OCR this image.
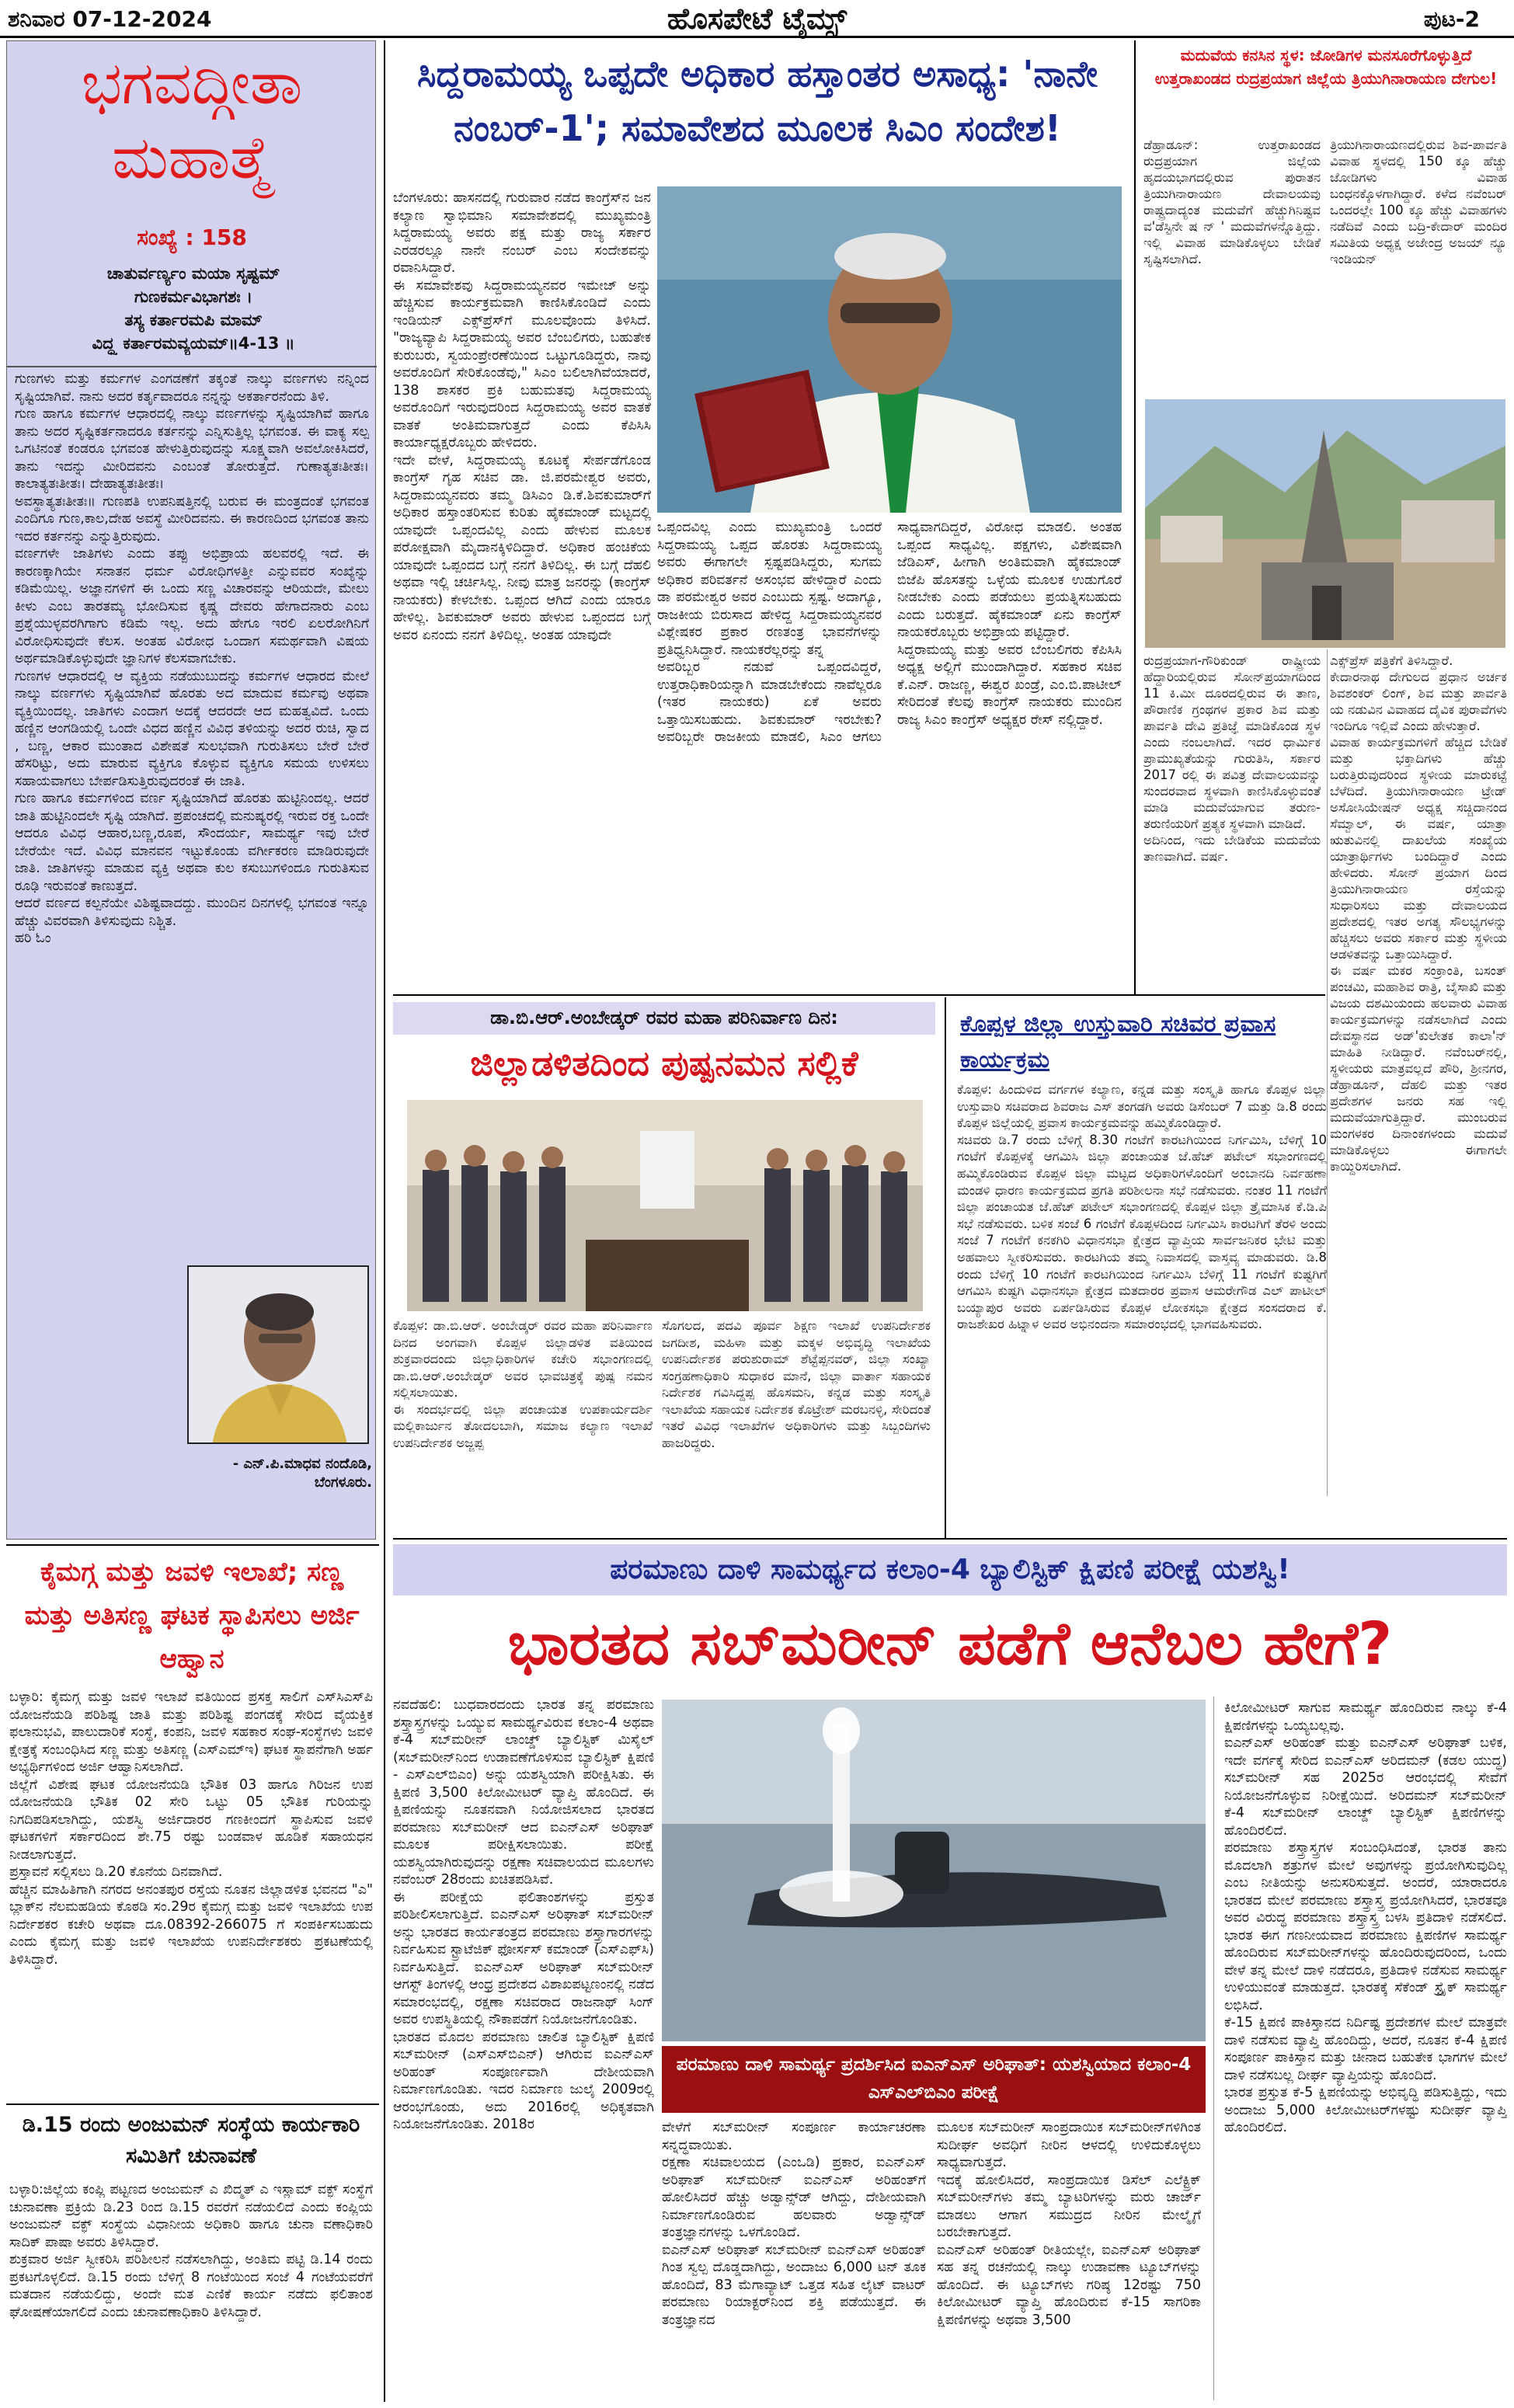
ಹೊಸಪೇಟೆ ಟೈಮ್ಸ್
ಶನಿವಾರ 07-12-2024	ಪುಟ-2
ಭಗವದ್ಗೀತಾ ಮಹಾತ್ಮೆ
ಸಂಖ್ಯೆ : 158
ಚಾತುರ್ವರ್ಣ್ಯಂ ಮಯಾ ಸೃಷ್ಟಮ್
ಗುಣಕರ್ಮವಿಭಾಗಶಃ ।
ತಸ್ಯ ಕರ್ತಾರಮಪಿ ಮಾಮ್
ವಿದ್ಧ್ಯ ಕರ್ತಾರಮವ್ಯಯಮ್॥4-13 ॥
ಗುಣಗಳು ಮತ್ತು ಕರ್ಮಗಳ ಎಂಗಡಣೆಗೆ ತಕ್ಕಂತೆ ನಾಲ್ಕು ವರ್ಣಗಳು ನನ್ನಿಂದ ಸೃಷ್ಟಿಯಾಗಿವೆ. ನಾನು ಅದರ ಕರ್ತೃವಾದರೂ ನನ್ನನ್ನು ಅಕರ್ತಾರನೆಂದು ತಿಳಿ.
ಗುಣ ಹಾಗೂ ಕರ್ಮಗಳ ಆಧಾರದಲ್ಲಿ ನಾಲ್ಕು ವರ್ಣಗಳನ್ನು ಸೃಷ್ಟಿಯಾಗಿವೆ ಹಾಗೂ ತಾನು ಅದರ ಸೃಷ್ಟಿಕರ್ತನಾದರೂ ಕರ್ತನನ್ನು ಎನ್ನಿಸುತ್ತಿಲ್ಲ ಭಗವಂತ. ಈ ವಾಕ್ಯ ಸಲ್ಪ ಒಗಟಿನಂತೆ ಕಂಡರೂ ಭಗವಂತ ಹೇಳುತ್ತಿರುವುದನ್ನು ಸೂಕ್ಷ್ಮವಾಗಿ ಅವಲೋಕಿಸಿದರೆ, ತಾನು ಇದನ್ನು ಮೀರಿದವನು ಎಂಬಂತೆ ತೋರುತ್ತದೆ. ಗುಣಾತ್ಯತಃತೀತಃ। ಕಾಲಾತ್ಯತಃತೀತಃ। ದೇಹಾತ್ಯತಃತೀತಃ।
ಅವಸ್ಥಾತ್ಯತಃತೀತಃ॥ ಗುಣಪತಿ ಉಪನಿಷತ್ತಿನಲ್ಲಿ ಬರುವ ಈ ಮಂತ್ರದಂತೆ ಭಗವಂತ ಎಂದಿಗೂ ಗುಣ,ಕಾಲ,ದೇಹ ಅವಸ್ಥೆ ಮೀರಿದವನು. ಈ ಕಾರಣದಿಂದ ಭಗವಂತ ತಾನು ಇದರ ಕರ್ತನನ್ನು ಎನ್ನುತ್ತಿರುವುದು.
ವರ್ಣಗಳೇ ಜಾತಿಗಳು ಎಂದು ತಪ್ಪು ಅಭಿಪ್ರಾಯ ಹಲವರಲ್ಲಿ ಇದೆ. ಈ ಕಾರಣಕ್ಕಾಗಿಯೇ ಸನಾತನ ಧರ್ಮ ವಿರೋಧಿಗಳತ್ತೀ ಎನ್ನುವವರ ಸಂಖ್ಯೆನ್ನು ಕಡಿಮೆಯಿಲ್ಲ. ಅಜ್ಞಾನಗಳಿಗೆ ಈ ಒಂದು ಸಣ್ಣ ವಿಚಾರವನ್ನು ಆರಿಯದೇ, ಮೇಲು ಕೀಳು ಎಂಬ ತಾರತಮ್ಯ ಭೋದಿಸುವ ಕೃಷ್ಣ ದೇವರು ಹೇಗಾದನಾರು ಎಂಬ ಪ್ರಶ್ನೆಯುಳ್ಳವರಗಿಗಾಗು ಕಡಿಮೆ ಇಲ್ಲ. ಅದು ಹೇಗೂ ಇರಲಿ ಏಲರೋಗಿನಿಗೆ ವಿರೋಧಿಸುವುದೇ ಕೆಲಸ. ಅಂತಹ ವಿರೋಧ ಒಂದಾಗ ಸಮರ್ಥವಾಗಿ ವಿಷಯ ಅರ್ಥಮಾಡಿಕೊಳ್ಳುವುದೇ ಜ್ಞಾನಿಗಳ ಕೆಲಸವಾಗಬೇಕು.
ಗುಣಗಳ ಆಧಾರದಲ್ಲಿ ಆ ವ್ಯಕ್ತಿಯ ನಡೆಯುಬುದನ್ನು ಕರ್ಮಗಳ ಆಧಾರದ ಮೇಲೆ ನಾಲ್ಕು ವರ್ಣಗಳು ಸೃಷ್ಟಿಯಾಗಿವೆ ಹೊರತು ಅದ ಮಾದುವ ಕರ್ಮವು ಅಥವಾ ವ್ಯಕ್ತಿಯಿಂದಲ್ಲ. ಜಾತಿಗಳು ಎಂದಾಗ ಅದಕ್ಕೆ ಆದರದೇ ಆದ ಮಹತ್ವವಿದೆ. ಒಂದು ಹಣ್ಣಿನ ಆಂಗಡಿಯಲ್ಲಿ ಒಂದೇ ವಿಧದ ಹಣ್ಣಿನ ವಿವಿಧ ತಳಿಯನ್ನು ಅದರ ರುಚಿ, ಸ್ವಾದ , ಬಣ್ಣ, ಆಕಾರ ಮುಂತಾದ ವಿಶೇಷತೆ ಸುಲಭವಾಗಿ ಗುರುತಿಸಲು ಬೇರೆ ಬೇರೆ ಹೆಸರಿಟ್ಟು, ಅದು ಮಾರುವ ವ್ಯಕ್ತಿಗೂ ಕೊಳ್ಳುವ ವ್ಯಕ್ತಿಗೂ ಸಮಯ ಉಳಿಸಲು ಸಹಾಯವಾಗಲು ಬೇರ್ಪಡಿಸುತ್ತಿರುವುದರಂತೆ ಈ ಜಾತಿ.
ಗುಣ ಹಾಗೂ ಕರ್ಮಗಳಿಂದ ವರ್ಣ ಸೃಷ್ಟಿಯಾಗಿದೆ ಹೊರತು ಹುಟ್ಟಿನಿಂದಲ್ಲ. ಆದರೆ ಜಾತಿ ಹುಟ್ಟಿನಿಂದಲೇ ಸೃಷ್ಟಿ ಯಾಗಿದೆ. ಪ್ರಪಂಚದಲ್ಲಿ ಮನುಷ್ಯರಲ್ಲಿ ಇರುವ ರಕ್ತ ಒಂದೇ ಆದರೂ ವಿವಿಧ ಆಹಾರ,ಬಣ್ಣ,ರೂಪ, ಸೌಂದರ್ಯ, ಸಾಮರ್ಥ್ಯ ಇವು ಬೇರೆ ಬೇರೆಯೇ ಇದೆ. ವಿವಿಧ ಮಾನವನ ಇಟ್ಟುಕೊಂಡು ವರ್ಗೀಕರಣ ಮಾಡಿರುವುದೇ ಜಾತಿ. ಜಾತಿಗಳನ್ನು ಮಾಡುವ ವ್ಯಕ್ತಿ ಅಥವಾ ಕುಲ ಕಸುಬುಗಳಿಂದೂ ಗುರುತಿಸುವ ರೂಢಿ ಇರುವಂತೆ ಕಾಣುತ್ತದೆ.
ಆದರೆ ವರ್ಣದ ಕಲ್ಪನೆಯೇ ವಿಶಿಷ್ಟವಾದದ್ದು. ಮುಂದಿನ ದಿನಗಳಲ್ಲಿ ಭಗವಂತ ಇನ್ನೂ ಹೆಚ್ಚು ವಿವರವಾಗಿ ತಿಳಿಸುವುದು ನಿಶ್ಚಿತ.
ಹರಿ ಓಂ
- ಎನ್.ಪಿ.ಮಾಧವ ನಂದೊಡಿ, ಬೆಂಗಳೂರು.
ಸಿದ್ದರಾಮಯ್ಯ ಒಪ್ಪದೇ ಅಧಿಕಾರ ಹಸ್ತಾಂತರ ಅಸಾಧ್ಯ: 'ನಾನೇ ನಂಬರ್-1'; ಸಮಾವೇಶದ ಮೂಲಕ ಸಿಎಂ ಸಂದೇಶ!
ಬೆಂಗಳೂರು: ಹಾಸನದಲ್ಲಿ ಗುರುವಾರ ನಡೆದ ಕಾಂಗ್ರೆಸ್‌ನ ಜನ ಕಲ್ಯಾಣ ಸ್ವಾಭಿಮಾನಿ ಸಮಾವೇಶದಲ್ಲಿ ಮುಖ್ಯಮಂತ್ರಿ ಸಿದ್ದರಾಮಯ್ಯ ಅವರು ಪಕ್ಷ ಮತ್ತು ರಾಜ್ಯ ಸರ್ಕಾರ ಎರಡರಲ್ಲೂ ನಾನೇ ನಂಬರ್ ಎಂಬ ಸಂದೇಶವನ್ನು ರವಾನಿಸಿದ್ದಾರೆ.
ಈ ಸಮಾವೇಶವು ಸಿದ್ದರಾಮಯ್ಯನವರ ಇಮೇಜ್ ಅನ್ನು ಹೆಚ್ಚಿಸುವ ಕಾರ್ಯಕ್ರಮವಾಗಿ ಕಾಣಿಸಿಕೊಂಡಿದೆ ಎಂದು ಇಂಡಿಯನ್ ಎಕ್ಸ್‌ಪ್ರೆಸ್‌ಗೆ ಮೂಲವೊಂದು ತಿಳಿಸಿದೆ. "ರಾಜ್ಯವ್ಯಾಪಿ ಸಿದ್ದರಾಮಯ್ಯ ಅವರ ಬೆಂಬಲಿಗರು, ಬಹುತೇಕ ಕುರುಬರು, ಸ್ವಯಂಪ್ರೇರಣೆಯಿಂದ ಒಟ್ಟುಗೂಡಿದ್ದರು, ನಾವು ಅವರೊಂದಿಗೆ ಸೇರಿಕೊಂಡೆವು," ಸಿಎಂ ಬಲಿಲಾಗಿವೆಯಾದರೆ, 138 ಶಾಸಕರ ಪ್ರಕಿ ಬಹುಮತವು ಸಿದ್ದರಾಮಯ್ಯ ಅವರೊಂದಿಗೆ ಇರುವುದರಿಂದ ಸಿದ್ದರಾಮಯ್ಯ ಅವರ ವಾತಕೆ ವಾತಕೆ ಅಂತಿಮವಾಗುತ್ತದೆ ಎಂದು ಕೆಪಿಸಿಸಿ ಕಾರ್ಯಾಧ್ಯಕ್ಷರೊಬ್ಬರು ಹೇಳಿದರು.
ಇದೇ ವೇಳೆ, ಸಿದ್ದರಾಮಯ್ಯ ಕೂಟಕ್ಕೆ ಸೇರ್ಪಡೆಗೊಂಡ ಕಾಂಗ್ರೆಸ್ ಗೃಹ ಸಚಿವ ಡಾ. ಜಿ.ಪರಮೇಶ್ವರ ಅವರು, ಸಿದ್ದರಾಮಯ್ಯನವರು ತಮ್ಮ ಡಿಸಿಎಂ ಡಿ.ಕೆ.ಶಿವಕುಮಾರ್‌ಗೆ ಅಧಿಕಾರ ಹಸ್ತಾಂತರಿಸುವ ಕುರಿತು ಹೈಕಮಾಂಡ್ ಮಟ್ಟದಲ್ಲಿ ಯಾವುದೇ ಒಪ್ಪಂದವಿಲ್ಲ ಎಂದು ಹೇಳುವ ಮೂಲಕ ಪರೋಕ್ಷವಾಗಿ ಮೈದಾನಕ್ಕಿಳಿದಿದ್ದಾರೆ. ಅಧಿಕಾರ ಹಂಚಿಕೆಯ ಯಾವುದೇ ಒಪ್ಪಂದದ ಬಗ್ಗೆ ನನಗೆ ತಿಳಿದಿಲ್ಲ. ಈ ಬಗ್ಗೆ ದೆಹಲಿ ಅಥವಾ ಇಲ್ಲಿ ಚರ್ಚಿಸಿಲ್ಲ. ನೀವು ಮಾತ್ರ ಜನರನ್ನು (ಕಾಂಗ್ರೆಸ್ ನಾಯಕರು) ಕೇಳಬೇಕು. ಒಪ್ಪಂದ ಆಗಿದೆ ಎಂದು ಯಾರೂ ಹೇಳಿಲ್ಲ. ಶಿವಕುಮಾರ್ ಅವರು ಹೇಳುವ ಒಪ್ಪಂದದ ಬಗ್ಗೆ ಅವರ ಏನಂದು ನನಗೆ ತಿಳಿದಿಲ್ಲ. ಅಂತಹ ಯಾವುದೇ
ಒಪ್ಪಂದವಿಲ್ಲ ಎಂದು ಮುಖ್ಯಮಂತ್ರಿ ಒಂದರೆ ಸಿದ್ದರಾಮಯ್ಯ ಒಪ್ಪದ ಹೊರತು ಸಿದ್ದರಾಮಯ್ಯ ಅವರು ಈಗಾಗಲೇ ಸ್ಪಷ್ಟಪಡಿಸಿದ್ದರು, ಸುಗಮ ಅಧಿಕಾರ ಪರಿವರ್ತನೆ ಅಸಂಭವ ಹೇಳಿದ್ದಾರೆ ಎಂದು ಡಾ ಪರಮೇಶ್ವರ ಅವರ ಎಂಬುದು ಸ್ಪಷ್ಟ. ಅದಾಗ್ಯೂ, ರಾಜಕೀಯ ಬಿರುಸಾದ ಹೇಳಿದ್ದ ಸಿದ್ದರಾಮಯ್ಯನವರ ವಿಶ್ಲೇಷಕರ ಪ್ರಕಾರ ರಣತಂತ್ರ ಭಾವನೆಗಳನ್ನು ಪ್ರತಿಧ್ವನಿಸಿದ್ದಾರೆ. ನಾಯಕರೆಲ್ಲರನ್ನು ತನ್ನ
ಅವರಿಬ್ಬರ ನಡುವೆ ಒಪ್ಪಂದವಿದ್ದರೆ, ಉತ್ತರಾಧಿಕಾರಿಯನ್ನಾಗಿ ಮಾಡಬೇಕೆಂದು ನಾವೆಲ್ಲರೂ (ಇತರ ನಾಯಕರು) ಏಕೆ ಅವರು ಒತ್ತಾಯಿಸಬಹುದು. ಶಿವಕುಮಾರ್ ಇರಬೇಕು? ಅವರಿಬ್ಬರೇ ರಾಜಕೀಯ ಮಾಡಲಿ, ಸಿಎಂ ಆಗಲು ಸಾಧ್ಯವಾಗದಿದ್ದರೆ, ವಿರೋಧ ಮಾಡಲಿ. ಅಂತಹ ಒಪ್ಪಂದ ಸಾಧ್ಯವಿಲ್ಲ. ಪಕ್ಷಗಳು, ವಿಶೇಷವಾಗಿ ಜೆಡಿಎಸ್, ಹೀಗಾಗಿ ಅಂತಿಮವಾಗಿ ಹೈಕಮಾಂಡ್ ಬಿಜೆಪಿ ಹೊಸತನ್ನು ಒಳ್ಳೆಯ ಮೂಲಕ ಉಡುಗೊರೆ ನೀಡಬೇಕು ಎಂದು ಪಡೆಯಲು ಪ್ರಯತ್ನಿಸಬಹುದು ಎಂದು ಬರುತ್ತದೆ. ಹೈಕಮಾಂಡ್ ಏನು ಕಾಂಗ್ರೆಸ್ ನಾಯಕರೊಬ್ಬರು ಅಭಿಪ್ರಾಯ ಪಟ್ಟಿದ್ದಾರೆ.
ಸಿದ್ದರಾಮಯ್ಯ ಮತ್ತು ಅವರ ಬೆಂಬಲಿಗರು ಕೆಪಿಸಿಸಿ ಅಧ್ಯಕ್ಷ ಅಲ್ಲಿಗೆ ಮುಂದಾಗಿದ್ದಾರೆ. ಸಹಕಾರ ಸಚಿವ ಕೆ.ಎನ್. ರಾಜಣ್ಣ, ಈಶ್ವರ ಖಂಡ್ರೆ, ಎಂ.ಬಿ.ಪಾಟೀಲ್ ಸೇರಿದಂತೆ ಕೆಲವು ಕಾಂಗ್ರೆಸ್ ನಾಯಕರು ಮುಂದಿನ ರಾಜ್ಯ ಸಿಎಂ ಕಾಂಗ್ರೆಸ್ ಅಧ್ಯಕ್ಷರ ರೇಸ್ ನಲ್ಲಿದ್ದಾರೆ.
ಮದುವೆಯ ಕನಸಿನ ಸ್ಥಳ: ಜೋಡಿಗಳ ಮನಸೂರೆಗೊಳ್ಳುತ್ತಿದೆ ಉತ್ತರಾಖಂಡದ ರುದ್ರಪ್ರಯಾಗ ಜಿಲ್ಲೆಯ ತ್ರಿಯುಗಿನಾರಾಯಣ ದೇಗುಲ!
ಡೆಹ್ರಾಡೂನ್: ಉತ್ತರಾಖಂಡದ ರುದ್ರಪ್ರಯಾಗ ಜಿಲ್ಲೆಯ ಹೃದಯಭಾಗದಲ್ಲಿರುವ ಪುರಾತನ ತ್ರಿಯುಗಿನಾರಾಯಣ ದೇವಾಲಯವು ರಾಷ್ಟ್ರದಾದ್ಯಂತ ಮದುವೆಗೆ ಹೆಚ್ಚುಗಿನಿಷ್ಟವ ವ'ಡೆಸ್ಟಿನೇ ಷ ನ್ ' ಮದುವೆಗಳನ್ನೊತ್ತಿದ್ದು. ಇಲ್ಲಿ ವಿವಾಹ ಮಾಡಿಕೊಳ್ಳಲು ಬೇಡಿಕೆ ಸೃಷ್ಟಿಸಲಾಗಿದೆ.
ತ್ರಿಯುಗಿನಾರಾಯಣದಲ್ಲಿರುವ ಶಿವ-ಪಾರ್ವತಿ ವಿವಾಹ ಸ್ಥಳದಲ್ಲಿ 150 ಕ್ಕೂ ಹೆಚ್ಚು ಜೋಡಿಗಳು ವಿವಾಹ ಬಂಧನಕ್ಕೊಳಗಾಗಿದ್ದಾರೆ. ಕಳೆದ ನವೆಂಬರ್ ಒಂದರಲ್ಲೇ 100 ಕ್ಕೂ ಹೆಚ್ಚು ವಿವಾಹಗಳು ನಡೆದಿವೆ ಎಂದು ಬದ್ರಿ-ಕೇದಾರ್ ಮಂದಿರ ಸಮಿತಿಯ ಅಧ್ಯಕ್ಷ ಅಜೇಂದ್ರ ಅಜಯ್ ನ್ಯೂ ಇಂಡಿಯನ್
ರುದ್ರಪ್ರಯಾಗ-ಗೌರಿಕುಂಡ್ ರಾಷ್ಟ್ರೀಯ ಹೆದ್ದಾರಿಯಲ್ಲಿರುವ ಸೋನ್‌ಪ್ರಯಾಗದಿಂದ 11 ಕಿ.ಮೀ ದೂರದಲ್ಲಿರುವ ಈ ತಾಣ, ಪೌರಾಣಿಕ ಗ್ರಂಥಗಳ ಪ್ರಕಾರ ಶಿವ ಮತ್ತು ಪಾರ್ವತಿ ದೇವಿ ಪ್ರತಿಜ್ಞೆ ಮಾಡಿಕೊಂಡ ಸ್ಥಳ ಎಂದು ನಂಬಲಾಗಿದೆ. ಇದರ ಧಾರ್ಮಿಕ ಪ್ರಾಮುಖ್ಯತೆಯನ್ನು ಗುರುತಿಸಿ, ಸರ್ಕಾರ 2017 ರಲ್ಲಿ ಈ ಪವಿತ್ರ ದೇವಾಲಯವನ್ನು ಸುಂದರವಾದ ಸ್ಥಳವಾಗಿ ಕಾಣಿಸಿಕೊಳ್ಳುವಂತೆ ಮಾಡಿ ಮದುವೆಯಾಗುವ ತರುಣ-ತರುಣಿಯರಿಗೆ ಪ್ರತ್ಯಕ ಸ್ಥಳವಾಗಿ ಮಾಡಿದೆ.
ಅದಿನಿಂದ, ಇದು ಬೇಡಿಕೆಯ ಮದುವೆಯ ತಾಣವಾಗಿದೆ. ವರ್ಷ.
ಎಕ್ಸ್‌ಪ್ರೆಸ್ ಪತ್ರಿಕೆಗೆ ತಿಳಿಸಿದ್ದಾರೆ.
ಕೇದಾರನಾಥ ದೇಗುಲದ ಪ್ರಧಾನ ಅರ್ಚಕ ಶಿವಶಂಕರ್ ಲಿಂಗ್, ಶಿವ ಮತ್ತು ಪಾರ್ವತಿ ಯ ನಡುವಿನ ವಿವಾಹದ ದೈವಿಕ ಪುರಾವೆಗಳು ಇಂದಿಗೂ ಇಲ್ಲಿವೆ ಎಂದು ಹೇಳುತ್ತಾರೆ.
ವಿವಾಹ ಕಾರ್ಯಕ್ರಮಗಳಿಗೆ ಹೆಚ್ಚಿದ ಬೇಡಿಕೆ ಮತ್ತು ಭಕ್ತಾದಿಗಳು ಹೆಚ್ಚು ಬರುತ್ತಿರುವುದರಿಂದ ಸ್ಥಳೀಯ ಮಾರುಕಟ್ಟೆ ಬೆಳೆದಿದೆ. ತ್ರಿಯುಗಿನಾರಾಯಣ ಟ್ರೇಡ್ ಅಸೋಸಿಯೇಷನ್ ಅಧ್ಯಕ್ಷ ಸಚ್ಚಿದಾನಂದ ಸೆಮ್ವಾಲ್, ಈ ವರ್ಷ, ಯಾತ್ರಾ ಋತುವಿನಲ್ಲಿ ದಾಖಲೆಯ ಸಂಖ್ಯೆಯ ಯಾತ್ರಾರ್ಥಿಗಳು ಬಂದಿದ್ದಾರೆ ಎಂದು ಹೇಳಿದರು. ಸೋನ್ ಪ್ರಯಾಗ ದಿಂದ ತ್ರಿಯುಗಿನಾರಾಯಣ ರಸ್ತೆಯನ್ನು ಸುಧಾರಿಸಲು ಮತ್ತು ದೇವಾಲಯದ ಪ್ರದೇಶದಲ್ಲಿ ಇತರ ಅಗತ್ಯ ಸೌಲಭ್ಯಗಳನ್ನು ಹೆಚ್ಚಿಸಲು ಅವರು ಸರ್ಕಾರ ಮತ್ತು ಸ್ಥಳೀಯ ಆಡಳಿತವನ್ನು ಒತ್ತಾಯಿಸಿದ್ದಾರೆ.
ಈ ವರ್ಷ ಮಕರ ಸಂಕ್ರಾಂತಿ, ಬಸಂತ್ ಪಂಚಮಿ, ಮಹಾಶಿವ ರಾತ್ರಿ, ಬೈಸಾಖಿ ಮತ್ತು ವಿಜಯ ದಶಮಿಯಂದು ಹಲವಾರು ವಿವಾಹ ಕಾರ್ಯಕ್ರಮಗಳನ್ನು ನಡೆಸಲಾಗಿದೆ ಎಂದು ದೇವಸ್ಥಾನದ ಅಡ್'ಕುಲೇತಕ ಕಾಲಾ'ನ್ ಮಾಹಿತಿ ನೀಡಿದ್ದಾರೆ. ನವೆಂಬರ್‌ನಲ್ಲಿ, ಸ್ಥಳೀಯರು ಮಾತ್ರವಲ್ಲದೆ ಪೌರಿ, ಶ್ರೀನಗರ, ಡೆಹ್ರಾಡೂನ್, ದೆಹಲಿ ಮತ್ತು ಇತರ ಪ್ರದೇಶಗಳ ಜನರು ಸಹ ಇಲ್ಲಿ ಮದುವೆಯಾಗುತ್ತಿದ್ದಾರೆ. ಮುಂಬರುವ ಮಂಗಳಕರ ದಿನಾಂಕಗಳಂದು ಮದುವೆ ಮಾಡಿಕೊಳ್ಳಲು ಈಗಾಗಲೇ ಕಾಯ್ದಿರಿಸಲಾಗಿದೆ.
ಡಾ.ಬಿ.ಆರ್.ಅಂಬೇಡ್ಕರ್ ರವರ ಮಹಾ ಪರಿನಿರ್ವಾಣ ದಿನ:
ಜಿಲ್ಲಾಡಳಿತದಿಂದ ಪುಷ್ಪನಮನ ಸಲ್ಲಿಕೆ
ಕೊಪ್ಪಳ: ಡಾ.ಬಿ.ಆರ್. ಅಂಬೇಡ್ಕರ್ ರವರ ಮಹಾ ಪರಿನಿರ್ವಾಣ ದಿನದ ಅಂಗವಾಗಿ ಕೊಪ್ಪಳ ಜಿಲ್ಲಾಡಳಿತ ವತಿಯಿಂದ ಶುಕ್ರವಾರದಂದು ಜಿಲ್ಲಾಧಿಕಾರಿಗಳ ಕಚೇರಿ ಸಭಾಂಗಣದಲ್ಲಿ ಡಾ.ಬಿ.ಆರ್.ಅಂಬೇಡ್ಕರ್ ಅವರ ಭಾವಚಿತ್ರಕ್ಕೆ ಪುಷ್ಪ ನಮನ ಸಲ್ಲಿಸಲಾಯಿತು.
ಈ ಸಂದರ್ಭದಲ್ಲಿ ಜಿಲ್ಲಾ ಪಂಚಾಯತ ಉಪಕಾರ್ಯದರ್ಶಿ ಮಲ್ಲಿಕಾರ್ಜುನ ತೋದಲಬಾಗಿ, ಸಮಾಜ ಕಲ್ಯಾಣ ಇಲಾಖೆ ಉಪನಿರ್ದೇಶಕ ಅಜ್ಜಪ್ಪ
ಸೊಗಲದ, ಪದವಿ ಪೂರ್ವ ಶಿಕ್ಷಣ ಇಲಾಖೆ ಉಪನಿರ್ದೇಶಕ ಜಗದೀಶ, ಮಹಿಳಾ ಮತ್ತು ಮಕ್ಕಳ ಅಭಿವೃದ್ಧಿ ಇಲಾಖೆಯ ಉಪನಿರ್ದೇಶಕ ಪರುಶುರಾಮ್ ಶೆಟ್ಟೆಪ್ಪನವರ್, ಜಿಲ್ಲಾ ಸಂಖ್ಯಾ ಸಂಗ್ರಹಣಾಧಿಕಾರಿ ಸುಧಾಕರ ಮಾನೆ, ಜಿಲ್ಲಾ ವಾರ್ತಾ ಸಹಾಯಕ ನಿರ್ದೇಶಕ ಗವಿಸಿದ್ದಪ್ಪ ಹೊಸಮನಿ, ಕನ್ನಡ ಮತ್ತು ಸಂಸ್ಕೃತಿ ಇಲಾಖೆಯ ಸಹಾಯಕ ನಿರ್ದೇಶಕ ಕೊಟ್ರೇಶ್ ಮರಬನಳ್ಳಿ, ಸೇರಿದಂತೆ ಇತರೆ ವಿವಿಧ ಇಲಾಖೆಗಳ ಅಧಿಕಾರಿಗಳು ಮತ್ತು ಸಿಬ್ಬಂದಿಗಳು ಹಾಜರಿದ್ದರು.
ಕೊಪ್ಪಳ ಜಿಲ್ಲಾ ಉಸ್ತುವಾರಿ ಸಚಿವರ ಪ್ರವಾಸ ಕಾರ್ಯಕ್ರಮ
ಕೊಪ್ಪಳ: ಹಿಂದುಳಿದ ವರ್ಗಗಳ ಕಲ್ಯಾಣ, ಕನ್ನಡ ಮತ್ತು ಸಂಸ್ಕೃತಿ ಹಾಗೂ ಕೊಪ್ಪಳ ಜಿಲ್ಲಾ ಉಸ್ತುವಾರಿ ಸಚಿವರಾದ ಶಿವರಾಜ ಎಸ್ ತಂಗಡಗಿ ಅವರು ಡಿಸೆಂಬರ್ 7 ಮತ್ತು ಡಿ.8 ರಂದು ಕೊಪ್ಪಳ ಜಿಲ್ಲೆಯಲ್ಲಿ ಪ್ರವಾಸ ಕಾರ್ಯಕ್ರಮವನ್ನು ಹಮ್ಮಿಕೊಂಡಿದ್ದಾರೆ.
ಸಚಿವರು ಡಿ.7 ರಂದು ಬೆಳಿಗ್ಗೆ 8.30 ಗಂಟೆಗೆ ಕಾರಟಗಿಯಿಂದ ನಿರ್ಗಮಿಸಿ, ಬೆಳಿಗ್ಗೆ 10 ಗಂಟೆಗೆ ಕೊಪ್ಪಳಕ್ಕೆ ಆಗಮಿಸಿ ಜಿಲ್ಲಾ ಪಂಚಾಯತ ಜೆ.ಹೆಚ್ ಪಟೇಲ್ ಸಭಾಂಗಣದಲ್ಲಿ ಹಮ್ಮಿಕೊಂಡಿರುವ ಕೊಪ್ಪಳ ಜಿಲ್ಲಾ ಮಟ್ಟದ ಅಧಿಕಾರಿಗಳೊಂದಿಗೆ ಅಂಬಾನದಿ ನಿರ್ವಹಣಾ ಮಂಡಳಿ ಧಾರಣ ಕಾರ್ಯಕ್ರಮದ ಪ್ರಗತಿ ಪರಿಶೀಲನಾ ಸಭೆ ನಡೆಸುವರು. ನಂತರ 11 ಗಂಟೆಗೆ ಜಿಲ್ಲಾ ಪಂಚಾಯತ ಜೆ.ಹೆಚ್ ಪಟೇಲ್ ಸಭಾಂಗಣದಲ್ಲಿ ಕೊಪ್ಪಳ ಜಿಲ್ಲಾ ತ್ರೈಮಾಸಿಕ ಕೆ.ಡಿ.ಪಿ ಸಭೆ ನಡೆಸುವರು. ಬಳಿಕ ಸಂಜೆ 6 ಗಂಟೆಗೆ ಕೊಪ್ಪಳದಿಂದ ನಿರ್ಗಮಿಸಿ ಕಾರಟಗಿಗೆ ತೆರಳಿ ಅಂದು ಸಂಜೆ 7 ಗಂಟೆಗೆ ಕನಕಗಿರಿ ವಿಧಾನಸಭಾ ಕ್ಷೇತ್ರದ ವ್ಯಾಪ್ತಿಯ ಸಾರ್ವಜನಿಕರ ಭೇಟಿ ಮತ್ತು ಅಹವಾಲು ಸ್ವೀಕರಿಸುವರು. ಕಾರಟಗಿಯ ತಮ್ಮ ನಿವಾಸದಲ್ಲಿ ವಾಸ್ತವ್ಯ ಮಾಡುವರು. ಡಿ.8 ರಂದು ಬೆಳಿಗ್ಗೆ 10 ಗಂಟೆಗೆ ಕಾರಟಗಿಯಿಂದ ನಿರ್ಗಮಿಸಿ ಬೆಳಿಗ್ಗೆ 11 ಗಂಟೆಗೆ ಕುಷ್ಟಗಿಗೆ ಆಗಮಿಸಿ ಕುಷ್ಟಗಿ ವಿಧಾನಸಭಾ ಕ್ಷೇತ್ರದ ಮತದಾರರ ಪ್ರವಾಸ ಆಮರೇಗೌಡ ಎಲ್ ಪಾಟೀಲ್ ಬಯ್ಯಾಪುರ ಅವರು ಏರ್ಪಡಿಸಿರುವ ಕೊಪ್ಪಳ ಲೋಕಸಭಾ ಕ್ಷೇತ್ರದ ಸಂಸದರಾದ ಕೆ. ರಾಜಶೇಖರ ಹಿಟ್ನಾಳ ಅವರ ಅಭಿನಂದನಾ ಸಮಾರಂಭದಲ್ಲಿ ಭಾಗವಹಿಸುವರು.
ಕೈಮಗ್ಗ ಮತ್ತು ಜವಳಿ ಇಲಾಖೆ; ಸಣ್ಣ ಮತ್ತು ಅತಿಸಣ್ಣ ಘಟಕ ಸ್ಥಾಪಿಸಲು ಅರ್ಜಿ ಆಹ್ವಾನ
ಬಳ್ಳಾರಿ: ಕೈಮಗ್ಗ ಮತ್ತು ಜವಳಿ ಇಲಾಖೆ ವತಿಯಿಂದ ಪ್ರಸಕ್ತ ಸಾಲಿಗೆ ಎಸ್‌ಸಿಎಸ್‌ಪಿ ಯೋಜನೆಯಡಿ ಪರಿಶಿಷ್ಟ ಜಾತಿ ಮತ್ತು ಪರಿಶಿಷ್ಟ ಪಂಗಡಕ್ಕೆ ಸೇರಿದ ವೈಯಕ್ತಿಕ ಫಲಾನುಭವಿ, ಪಾಲುದಾರಿಕೆ ಸಂಸ್ಥೆ, ಕಂಪನಿ, ಜವಳಿ ಸಹಕಾರ ಸಂಘ-ಸಂಸ್ಥೆಗಳು ಜವಳಿ ಕ್ಷೇತ್ರಕ್ಕೆ ಸಂಬಂಧಿಸಿದ ಸಣ್ಣ ಮತ್ತು ಅತಿಸಣ್ಣ (ಎಸ್‌ಎಮ್‌ಇ) ಘಟಕ ಸ್ಥಾಪನೆಗಾಗಿ ಅರ್ಹ ಅಭ್ಯರ್ಥಿಗಳಿಂದ ಅರ್ಜಿ ಆಹ್ವಾನಿಸಲಾಗಿದೆ.
ಜಿಲ್ಲೆಗೆ ವಿಶೇಷ ಘಟಕ ಯೋಜನೆಯಡಿ ಭೌತಿಕ 03 ಹಾಗೂ ಗಿರಿಜನ ಉಪ ಯೋಜನೆಯಡಿ ಭೌತಿಕ 02 ಸೇರಿ ಒಟ್ಟು 05 ಭೌತಿಕ ಗುರಿಯನ್ನು ನಿಗದಿಪಡಿಸಲಾಗಿದ್ದು, ಯಶಸ್ವಿ ಅರ್ಜಿದಾರರ ಗಣಕೀಂದಗೆ ಸ್ಥಾಪಿಸುವ ಜವಳಿ ಘಟಕಗಳಿಗೆ ಸರ್ಕಾರದಿಂದ ಶೇ.75 ರಷ್ಟು ಬಂಡವಾಳ ಹೂಡಿಕೆ ಸಹಾಯಧನ ನೀಡಲಾಗುತ್ತದೆ.
ಪ್ರಸ್ತಾವನೆ ಸಲ್ಲಿಸಲು ಡಿ.20 ಕೊನೆಯ ದಿನವಾಗಿದೆ.
ಹೆಚ್ಚಿನ ಮಾಹಿತಿಗಾಗಿ ನಗರದ ಅನಂತಪುರ ರಸ್ತೆಯ ನೂತನ ಜಿಲ್ಲಾಡಳಿತ ಭವನದ "ಎ" ಬ್ಲಾಕ್‌ನ ನೆಲಮಹಡಿಯ ಕೊಠಡಿ ಸಂ.29ರ ಕೈಮಗ್ಗ ಮತ್ತು ಜವಳಿ ಇಲಾಖೆಯ ಉಪ ನಿರ್ದೇಶಕರ ಕಚೇರಿ ಅಥವಾ ದೂ.08392-266075 ಗೆ ಸಂಪರ್ಕಿಸಬಹುದು ಎಂದು ಕೈಮಗ್ಗ ಮತ್ತು ಜವಳಿ ಇಲಾಖೆಯ ಉಪನಿರ್ದೇಶಕರು ಪ್ರಕಟಣೆಯಲ್ಲಿ ತಿಳಿಸಿದ್ದಾರೆ.
ಡಿ.15 ರಂದು ಅಂಜುಮನ್ ಸಂಸ್ಥೆಯ ಕಾರ್ಯಕಾರಿ ಸಮಿತಿಗೆ ಚುನಾವಣೆ
ಬಳ್ಳಾರಿ:ಜಿಲ್ಲೆಯ ಕಂಪ್ಲಿ ಪಟ್ಟಣದ ಅಂಜುಮನ್ ಎ ಖಿದ್ಮತ್ ಎ ಇಸ್ಲಾಮ್ ವಕ್ಫ್ ಸಂಸ್ಥೆಗೆ ಚುನಾವಣಾ ಪ್ರಕ್ರಿಯೆ ಡಿ.23 ರಿಂದ ಡಿ.15 ರವರೆಗೆ ನಡೆಯಲಿದೆ ಎಂದು ಕಂಪ್ಲಿಯ ಅಂಜುಮನ್ ವಕ್ಫ್ ಸಂಸ್ಥೆಯ ವಿಧಾನೀಯ ಅಧಿಕಾರಿ ಹಾಗೂ ಚುನಾ ವಣಾಧಿಕಾರಿ ಸಾದಿಕ್ ಪಾಷಾ ಅವರು ತಿಳಿಸಿದ್ದಾರೆ.
ಶುಕ್ರವಾರ ಅರ್ಜಿ ಸ್ವೀಕರಿಸಿ ಪರಿಶೀಲನೆ ನಡೆಸಲಾಗಿದ್ದು, ಅಂತಿಮ ಪಟ್ಟಿ ಡಿ.14 ರಂದು ಪ್ರಕಟಗೊಳ್ಳಲಿದೆ. ಡಿ.15 ರಂದು ಬೆಳಿಗ್ಗೆ 8 ಗಂಟೆಯಿಂದ ಸಂಜೆ 4 ಗಂಟೆಯವರೆಗೆ ಮತದಾನ ನಡೆಯಲಿದ್ದು, ಅಂದೇ ಮತ ಎಣಿಕೆ ಕಾರ್ಯ ನಡೆದು ಫಲಿತಾಂಶ ಘೋಷಣೆಯಾಗಲಿದೆ ಎಂದು ಚುನಾವಣಾಧಿಕಾರಿ ತಿಳಿಸಿದ್ದಾರೆ.
ಪರಮಾಣು ದಾಳಿ ಸಾಮರ್ಥ್ಯದ ಕಲಾಂ-4 ಬ್ಯಾಲಿಸ್ಟಿಕ್ ಕ್ಷಿಪಣಿ ಪರೀಕ್ಷೆ ಯಶಸ್ವಿ!
ಭಾರತದ ಸಬ್‌ಮರೀನ್ ಪಡೆಗೆ ಆನೆಬಲ ಹೇಗೆ?
ನವದೆಹಲಿ: ಬುಧವಾರದಂದು ಭಾರತ ತನ್ನ ಪರಮಾಣು ಶಸ್ತ್ರಾಸ್ತ್ರಗಳನ್ನು ಒಯ್ಯುವ ಸಾಮರ್ಥ್ಯವಿರುವ ಕಲಾಂ-4 ಅಥವಾ ಕೆ-4 ಸಬ್‌ಮರೀನ್ ಲಾಂಚ್ಡ್ ಬ್ಯಾಲಿಸ್ಟಿಕ್ ಮಿಸೈಲ್ (ಸಬ್‌ಮರೀನ್‌ನಿಂದ ಉಡಾವಣೆಗೊಳಿಸುವ ಬ್ಯಾಲಿಸ್ಟಿಕ್ ಕ್ಷಿಪಣಿ - ಎಸ್‌ಎಲ್‌ಬಿಎಂ) ಅನ್ನು ಯಶಸ್ವಿಯಾಗಿ ಪರೀಕ್ಷಿಸಿತು. ಈ ಕ್ಷಿಪಣಿ 3,500 ಕಿಲೋಮೀಟರ್ ವ್ಯಾಪ್ತಿ ಹೊಂದಿದೆ. ಈ ಕ್ಷಿಪಣಿಯನ್ನು ನೂತನವಾಗಿ ನಿಯೋಜಿಸಲಾದ ಭಾರತದ ಪರಮಾಣು ಸಬ್‌ಮರೀನ್ ಆದ ಐಎನ್‌ಎಸ್ ಅರಿಘಾತ್ ಮೂಲಕ ಪರೀಕ್ಷಿಸಲಾಯಿತು. ಪರೀಕ್ಷೆ ಯಶಸ್ವಿಯಾಗಿರುವುದನ್ನು ರಕ್ಷಣಾ ಸಚಿವಾಲಯದ ಮೂಲಗಳು ನವೆಂಬರ್ 28ರಂದು ಖಚಿತಪಡಿಸಿವೆ.
ಈ ಪರೀಕ್ಷೆಯ ಫಲಿತಾಂಶಗಳನ್ನು ಪ್ರಸ್ತುತ ಪರಿಶೀಲಿಸಲಾಗುತ್ತಿದೆ. ಐಎನ್‌ಎಸ್ ಅರಿಘಾತ್ ಸಬ್‌ಮರೀನ್ ಅನ್ನು ಭಾರತದ ಕಾರ್ಯತಂತ್ರದ ಪರಮಾಣು ಶಸ್ತ್ರಾಗಾರಗಳನ್ನು ನಿರ್ವಹಿಸುವ ಸ್ಟ್ರಾಟೆಜಿಕ್ ಫೋರ್ಸಸ್ ಕಮಾಂಡ್ (ಎಸ್‌ಎಫ್‌ಸಿ) ನಿರ್ವಹಿಸುತ್ತಿದೆ. ಐಎನ್‌ಎಸ್ ಅರಿಘಾತ್ ಸಬ್‌ಮರೀನ್ ಆಗಸ್ಟ್ ತಿಂಗಳಲ್ಲಿ ಆಂಧ್ರ ಪ್ರದೇಶದ ವಿಶಾಖಪಟ್ಟಣಂನಲ್ಲಿ ನಡೆದ ಸಮಾರಂಭದಲ್ಲಿ, ರಕ್ಷಣಾ ಸಚಿವರಾದ ರಾಜನಾಥ್ ಸಿಂಗ್ ಅವರ ಉಪಸ್ಥಿತಿಯಲ್ಲಿ ನೌಕಾಪಡೆಗೆ ನಿಯೋಜನೆಗೊಂಡಿತು.
ಭಾರತದ ಮೊದಲ ಪರಮಾಣು ಚಾಲಿತ ಬ್ಯಾಲಿಸ್ಟಿಕ್ ಕ್ಷಿಪಣಿ ಸಬ್‌ಮರೀನ್ (ಎಸ್‌ಎಸ್‌ಬಿಎನ್) ಆಗಿರುವ ಐಎನ್‌ಎಸ್ ಅರಿಹಂತ್ ಸಂಪೂರ್ಣವಾಗಿ ದೇಶೀಯವಾಗಿ ನಿರ್ಮಾಣಗೊಂಡಿತು. ಇದರ ನಿರ್ಮಾಣ ಜುಲೈ 2009ರಲ್ಲಿ ಆರಂಭಗೊಂಡು, ಅದು 2016ರಲ್ಲಿ ಅಧಿಕೃತವಾಗಿ ನಿಯೋಜನೆಗೊಂಡಿತು. 2018ರ
ಪರಮಾಣು ದಾಳಿ ಸಾಮರ್ಥ್ಯ ಪ್ರದರ್ಶಿಸಿದ ಐಎನ್‌ಎಸ್ ಅರಿಘಾತ್: ಯಶಸ್ವಿಯಾದ ಕಲಾಂ-4 ಎಸ್‌ಎಲ್‌ಬಿಎಂ ಪರೀಕ್ಷೆ
ವೇಳೆಗೆ ಸಬ್‌ಮರೀನ್ ಸಂಪೂರ್ಣ ಕಾರ್ಯಾಚರಣಾ ಸನ್ನದ್ಧವಾಯಿತು.
ರಕ್ಷಣಾ ಸಚಿವಾಲಯದ (ಎಂಒಡಿ) ಪ್ರಕಾರ, ಐಎನ್‌ಎಸ್ ಅರಿಘಾತ್ ಸಬ್‌ಮರೀನ್ ಐಎನ್‌ಎಸ್ ಅರಿಹಂತ್‌ಗೆ ಹೋಲಿಸಿದರೆ ಹೆಚ್ಚು ಅಡ್ವಾನ್ಸ್‌ಡ್ ಆಗಿದ್ದು, ದೇಶೀಯವಾಗಿ ನಿರ್ಮಾಣಗೊಂಡಿರುವ ಹಲವಾರು ಅಡ್ವಾನ್ಸ್‌ಡ್ ತಂತ್ರಜ್ಞಾನಗಳನ್ನು ಒಳಗೊಂಡಿದೆ.
ಐಎನ್‌ಎಸ್ ಅರಿಘಾತ್ ಸಬ್‌ಮರೀನ್ ಐಎನ್‌ಎಸ್ ಅರಿಹಂತ್ ಗಿಂತ ಸ್ವಲ್ಪ ದೊಡ್ಡದಾಗಿದ್ದು, ಅಂದಾಜು 6,000 ಟನ್ ತೂಕ ಹೊಂದಿದೆ, 83 ಮೆಗಾವ್ಯಾಟ್ ಒತ್ತಡ ಸಹಿತ ಲೈಟ್ ವಾಟರ್ ಪರಮಾಣು ರಿಯಾಕ್ಟರ್‌ನಿಂದ ಶಕ್ತಿ ಪಡೆಯುತ್ತದೆ. ಈ ತಂತ್ರಜ್ಞಾನದ
ಮೂಲಕ ಸಬ್‌ಮರೀನ್ ಸಾಂಪ್ರದಾಯಿಕ ಸಬ್‌ಮರೀನ್‌ಗಳಿಗಿಂತ ಸುದೀರ್ಘ ಅವಧಿಗೆ ನೀರಿನ ಆಳದಲ್ಲಿ ಉಳಿದುಕೊಳ್ಳಲು ಸಾಧ್ಯವಾಗುತ್ತದೆ.
ಇದಕ್ಕೆ ಹೋಲಿಸಿದರೆ, ಸಾಂಪ್ರದಾಯಿಕ ಡಿಸೆಲ್ ಎಲೆಕ್ಟ್ರಿಕ್ ಸಬ್‌ಮರೀನ್‌ಗಳು ತಮ್ಮ ಬ್ಯಾಟರಿಗಳನ್ನು ಮರು ಚಾರ್ಜ್ ಮಾಡಲು ಆಗಾಗ ಸಮುದ್ರದ ನೀರಿನ ಮೇಲ್ಮೈಗೆ ಬರಬೇಕಾಗುತ್ತದೆ.
ಐಎನ್‌ಎಸ್ ಅರಿಹಂತ್ ರೀತಿಯಲ್ಲೇ, ಐಎನ್‌ಎಸ್ ಅರಿಘಾತ್ ಸಹ ತನ್ನ ರಚನೆಯಲ್ಲಿ ನಾಲ್ಕು ಉಡಾವಣಾ ಟ್ಯೂಬ್‌ಗಳನ್ನು ಹೊಂದಿದೆ. ಈ ಟ್ಯೂಬ್‌ಗಳು ಗರಿಷ್ಠ 12ರಷ್ಟು 750 ಕಿಲೋಮೀಟರ್ ವ್ಯಾಪ್ತಿ ಹೊಂದಿರುವ ಕೆ-15 ಸಾಗರಿಕಾ ಕ್ಷಿಪಣಿಗಳನ್ನು ಅಥವಾ 3,500
ಕಿಲೋಮೀಟರ್ ಸಾಗುವ ಸಾಮರ್ಥ್ಯ ಹೊಂದಿರುವ ನಾಲ್ಕು ಕೆ-4 ಕ್ಷಿಪಣಿಗಳನ್ನು ಒಯ್ಯಬಲ್ಲವು.
ಐಎನ್‌ಎಸ್ ಅರಿಹಂತ್ ಮತ್ತು ಐಎನ್‌ಎಸ್ ಅರಿಘಾತ್ ಬಳಿಕ, ಇದೇ ವರ್ಗಕ್ಕೆ ಸೇರಿದ ಐಎನ್‌ಎಸ್ ಅರಿದಮನ್ (ಕಡಲ ಯುದ್ಧ) ಸಬ್‌ಮರೀನ್ ಸಹ 2025ರ ಆರಂಭದಲ್ಲಿ ಸೇವೆಗೆ ನಿಯೋಜನೆಗೊಳ್ಳುವ ನಿರೀಕ್ಷೆಯಿದೆ. ಅರಿದಮನ್ ಸಬ್‌ಮರೀನ್ ಕೆ-4 ಸಬ್‌ಮರೀನ್ ಲಾಂಚ್ಡ್ ಬ್ಯಾಲಿಸ್ಟಿಕ್ ಕ್ಷಿಪಣಿಗಳನ್ನು ಹೊಂದಿರಲಿದೆ.
ಪರಮಾಣು ಶಸ್ತ್ರಾಸ್ತ್ರಗಳ ಸಂಬಂಧಿಸಿದಂತೆ, ಭಾರತ ತಾನು ಮೊದಲಾಗಿ ಶತ್ರುಗಳ ಮೇಲೆ ಅವುಗಳನ್ನು ಪ್ರಯೋಗಿಸುವುದಿಲ್ಲ ಎಂಬ ನೀತಿಯನ್ನು ಅನುಸರಿಸುತ್ತದೆ. ಅಂದರೆ, ಯಾರಾದರೂ ಭಾರತದ ಮೇಲೆ ಪರಮಾಣು ಶಸ್ತ್ರಾಸ್ತ್ರ ಪ್ರಯೋಗಿಸಿದರೆ, ಭಾರತವೂ ಅವರ ವಿರುದ್ಧ ಪರಮಾಣು ಶಸ್ತ್ರಾಸ್ತ್ರ ಬಳಸಿ ಪ್ರತಿದಾಳಿ ನಡೆಸಲಿದೆ. ಭಾರತ ಈಗ ಗಣನೀಯವಾದ ಪರಮಾಣು ಕ್ಷಿಪಣಿಗಳ ಸಾಮರ್ಥ್ಯ ಹೊಂದಿರುವ ಸಬ್‌ಮರೀನ್‌ಗಳನ್ನು ಹೊಂದಿರುವುದರಿಂದ, ಒಂದು ವೇಳೆ ತನ್ನ ಮೇಲೆ ದಾಳಿ ನಡೆದರೂ, ಪ್ರತಿದಾಳಿ ನಡೆಸುವ ಸಾಮರ್ಥ್ಯ ಉಳಿಯುವಂತೆ ಮಾಡುತ್ತದೆ. ಭಾರತಕ್ಕೆ ಸೆಕೆಂಡ್ ಸ್ಟ್ರೈಕ್ ಸಾಮರ್ಥ್ಯ ಲಭಿಸಿದೆ.
ಕೆ-15 ಕ್ಷಿಪಣಿ ಪಾಕಿಸ್ತಾನದ ನಿರ್ದಿಷ್ಟ ಪ್ರದೇಶಗಳ ಮೇಲೆ ಮಾತ್ರವೇ ದಾಳಿ ನಡೆಸುವ ವ್ಯಾಪ್ತಿ ಹೊಂದಿದ್ದು, ಅದರೆ, ನೂತನ ಕೆ-4 ಕ್ಷಿಪಣಿ ಸಂಪೂರ್ಣ ಪಾಕಿಸ್ತಾನ ಮತ್ತು ಚೀನಾದ ಬಹುತೇಕ ಭಾಗಗಳ ಮೇಲೆ ದಾಳಿ ನಡೆಸಬಲ್ಲ ದೀರ್ಘ ವ್ಯಾಪ್ತಿಯನ್ನು ಹೊಂದಿದೆ.
ಭಾರತ ಪ್ರಸ್ತುತ ಕೆ-5 ಕ್ಷಿಪಣಿಯನ್ನು ಅಭಿವೃದ್ಧಿ ಪಡಿಸುತ್ತಿದ್ದು, ಇದು ಅಂದಾಜು 5,000 ಕಿಲೋಮೀಟರ್‌ಗಳಷ್ಟು ಸುದೀರ್ಘ ವ್ಯಾಪ್ತಿ ಹೊಂದಿರಲಿದೆ.
